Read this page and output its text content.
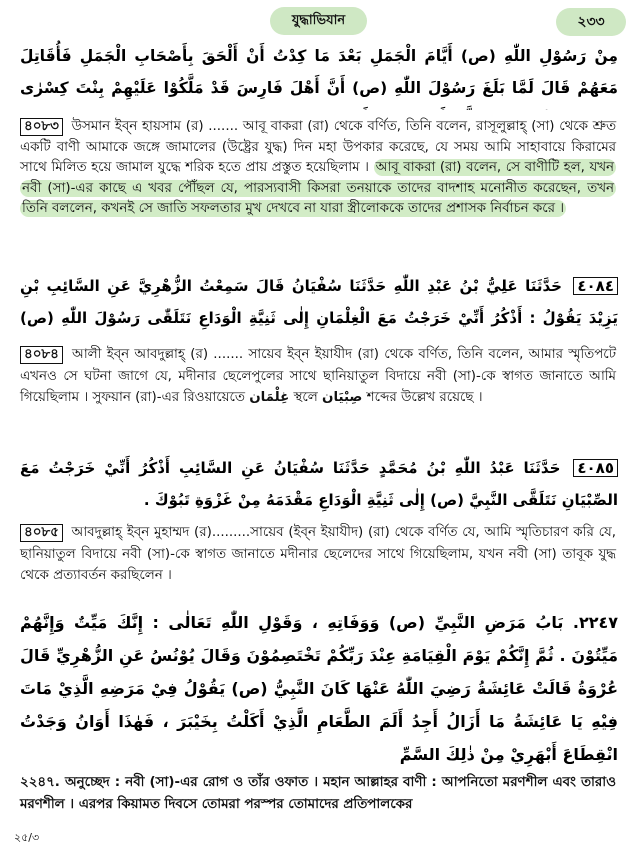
যুদ্ধাভিযান	২৩৩
مِنْ رَسُوْلِ اللّٰهِ (ص) أَيَّامَ الْجَمَلِ بَعْدَ مَا كِدْتُ أَنْ أَلْحَقَ بِأَصْحَابِ الْجَمَلِ فَأُقَاتِلَ مَعَهُمْ قَالَ لَمَّا بَلَغَ رَسُوْلَ اللّٰهِ (ص) أَنَّ أَهْلَ فَارِسَ قَدْ مَلَّكُوْا عَلَيْهِمْ بِنْتَ كِسْرٰى
৪০৮৩ উসমান ইব্‌ন হায়সাম (র) ....... আবূ বাকরা (রা) থেকে বর্ণিত, তিনি বলেন, রাসূলুল্লাহ্ (সা) থেকে শ্রুত একটি বাণী আমাকে জঙ্গে জামালের (উষ্ট্রের যুদ্ধ) দিন মহা উপকার করেছে, যে সময় আমি সাহাবায়ে কিরামের সাথে মিলিত হয়ে জামাল যুদ্ধে শরিক হতে প্রায় প্রস্তুত হয়েছিলাম । আবূ বাকরা (রা) বলেন, সে বাণীটি হল, যখন নবী (সা)-এর কাছে এ খবর পৌঁছল যে, পারস্যবাসী কিসরা তনয়াকে তাদের বাদশাহ মনোনীত করেছেন, তখন তিনি বললেন, কখনই সে জাতি সফলতার মুখ দেখবে না যারা স্ত্রীলোককে তাদের প্রশাসক নির্বাচন করে ।
٤٠٨٤ حَدَّثَنَا عَلِيُّ بْنُ عَبْدِ اللّٰهِ حَدَّثَنَا سُفْيَانُ قَالَ سَمِعْتُ الزُّهْرِيَّ عَنِ السَّائِبِ بْنِ يَزِيْدَ يَقُوْلُ : أَذْكُرُ أَنِّيْ خَرَجْتُ مَعَ الْغِلْمَانِ إِلٰى ثَنِيَّةِ الْوَدَاعِ نَتَلَقّٰى رَسُوْلَ اللّٰهِ (ص)
৪০৮৪ আলী ইব্‌ন আবদুল্লাহ্ (র) ....... সায়েব ইব্‌ন ইয়াযীদ (রা) থেকে বর্ণিত, তিনি বলেন, আমার স্মৃতিপটে এখনও সে ঘটনা জাগে যে, মদীনার ছেলেপুলের সাথে ছানিয়াতুল বিদায়ে নবী (সা)-কে স্বাগত জানাতে আমি গিয়েছিলাম । সুফয়ান (রা)-এর রিওয়ায়েতে غِلْمَان স্থলে صِبْيَان শব্দের উল্লেখ রয়েছে ।
٤٠٨٥ حَدَّثَنَا عَبْدُ اللّٰهِ بْنُ مُحَمَّدٍ حَدَّثَنَا سُفْيَانُ عَنِ السَّائِبِ أَذْكُرُ أَنِّيْ خَرَجْتُ مَعَ الصِّبْيَانِ نَتَلَقَّى النَّبِيَّ (ص) إِلٰى ثَنِيَّةِ الْوَدَاعِ مَقْدَمَهُ مِنْ غَزْوَةِ تَبُوْكَ .
৪০৮৫ আবদুল্লাহ্ ইব্‌ন মুহাম্মদ (র).........সায়েব (ইব্‌ন ইয়াযীদ) (রা) থেকে বর্ণিত যে, আমি স্মৃতিচারণ করি যে, ছানিয়াতুল বিদায়ে নবী (সা)-কে স্বাগত জানাতে মদীনার ছেলেদের সাথে গিয়েছিলাম, যখন নবী (সা) তাবূক যুদ্ধ থেকে প্রত্যাবর্তন করছিলেন ।
٢٢٤٧. بَابُ مَرَضِ النَّبِيِّ (ص) وَوَفَاتِهِ ، وَقَوْلِ اللّٰهِ تَعَالٰى : إِنَّكَ مَيِّتٌ وَإِنَّهُمْ مَيِّتُوْنَ . ثُمَّ إِنَّكُمْ يَوْمَ الْقِيَامَةِ عِنْدَ رَبِّكُمْ تَخْتَصِمُوْنَ وَقَالَ يُوْنُسُ عَنِ الزُّهْرِيِّ قَالَ عُرْوَةُ قَالَتْ عَائِشَةُ رَضِيَ اللّٰهُ عَنْهَا كَانَ النَّبِيُّ (ص) يَقُوْلُ فِيْ مَرَضِهِ الَّذِيْ مَاتَ فِيْهِ يَا عَائِشَةُ مَا أَزَالُ أَجِدُ أَلَمَ الطَّعَامِ الَّذِيْ أَكَلْتُ بِخَيْبَرَ ، فَهٰذَا أَوَانُ وَجَدْتُ انْقِطَاعَ أَبْهَرِيْ مِنْ ذٰلِكَ السَّمِّ
২২৪৭. অনুচ্ছেদ : নবী (সা)-এর রোগ ও তাঁর ওফাত । মহান আল্লাহর বাণী : আপনিতো মরণশীল এবং তারাও মরণশীল । এরপর কিয়ামত দিবসে তোমরা পরস্পর তোমাদের প্রতিপালকের
২৫/৩
